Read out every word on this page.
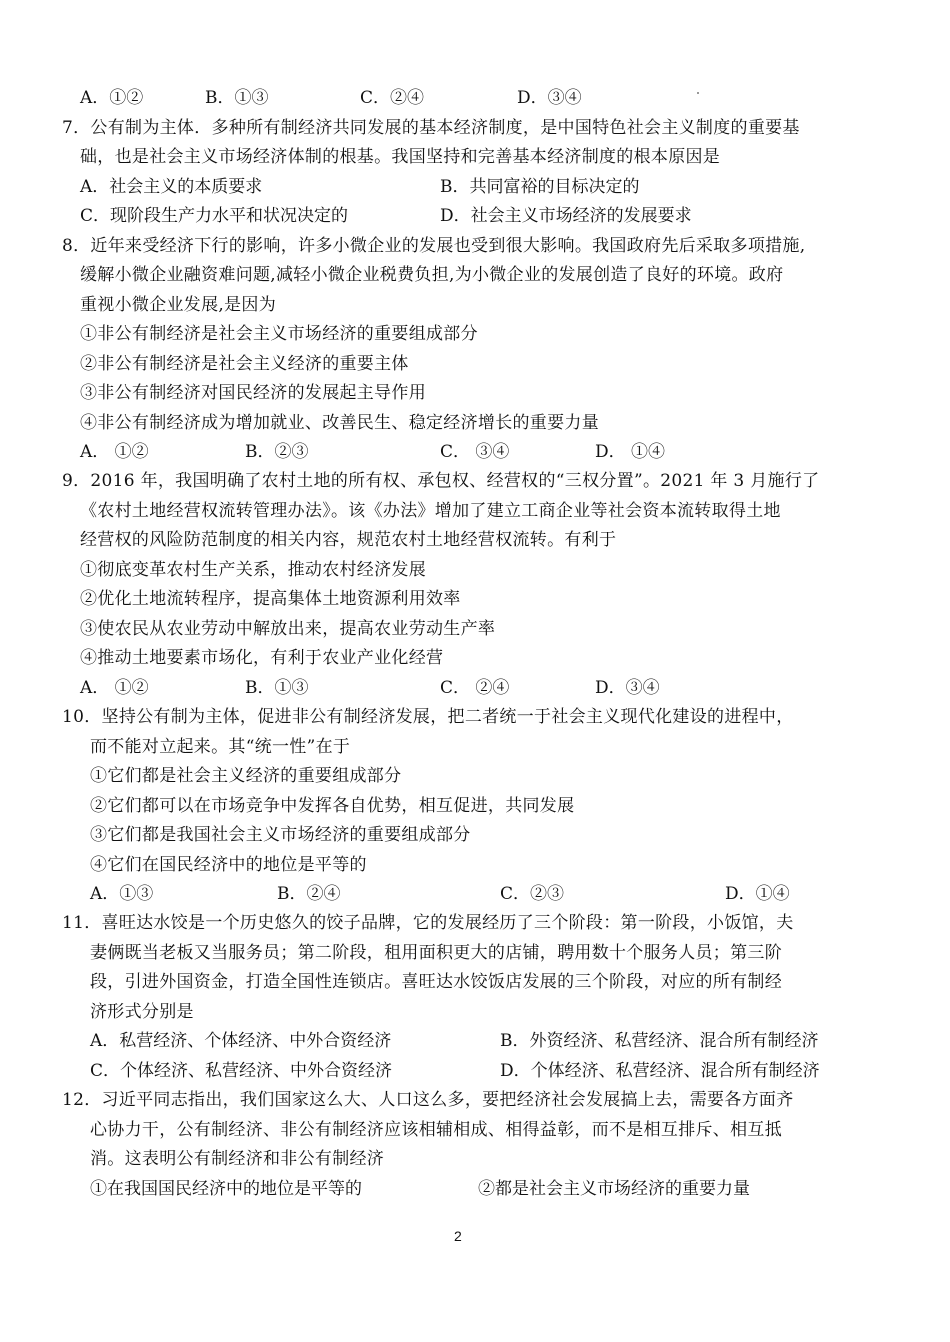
A．①②	B．①③	C．②④	D．③④
7．公有制为主体．多种所有制经济共同发展的基本经济制度，是中国特色社会主义制度的重要基
础，也是社会主义市场经济体制的根基。我国坚持和完善基本经济制度的根本原因是
A．社会主义的本质要求	B．共同富裕的目标决定的
C．现阶段生产力水平和状况决定的	D．社会主义市场经济的发展要求
8．近年来受经济下行的影响，许多小微企业的发展也受到很大影响。我国政府先后采取多项措施,
缓解小微企业融资难问题,减轻小微企业税费负担,为小微企业的发展创造了良好的环境。政府
重视小微企业发展,是因为
①非公有制经济是社会主义市场经济的重要组成部分
②非公有制经济是社会主义经济的重要主体
③非公有制经济对国民经济的发展起主导作用
④非公有制经济成为增加就业、改善民生、稳定经济增长的重要力量
A． ①②	B．②③	C． ③④	D． ①④
9．2016 年，我国明确了农村土地的所有权、承包权、经营权的“三权分置”。2021 年 3 月施行了
《农村土地经营权流转管理办法》。该《办法》增加了建立工商企业等社会资本流转取得土地
经营权的风险防范制度的相关内容，规范农村土地经营权流转。有利于
①彻底变革农村生产关系，推动农村经济发展
②优化土地流转程序，提高集体土地资源利用效率
③使农民从农业劳动中解放出来，提高农业劳动生产率
④推动土地要素市场化，有利于农业产业化经营
A． ①②	B．①③	C． ②④	D．③④
10．坚持公有制为主体，促进非公有制经济发展，把二者统一于社会主义现代化建设的进程中，
而不能对立起来。其“统一性”在于
①它们都是社会主义经济的重要组成部分
②它们都可以在市场竞争中发挥各自优势，相互促进，共同发展
③它们都是我国社会主义市场经济的重要组成部分
④它们在国民经济中的地位是平等的
A．①③	B．②④	C．②③	D．①④
11．喜旺达水饺是一个历史悠久的饺子品牌，它的发展经历了三个阶段：第一阶段，小饭馆，夫
妻俩既当老板又当服务员；第二阶段，租用面积更大的店铺，聘用数十个服务人员；第三阶
段，引进外国资金，打造全国性连锁店。喜旺达水饺饭店发展的三个阶段，对应的所有制经
济形式分别是
A．私营经济、个体经济、中外合资经济	B．外资经济、私营经济、混合所有制经济
C．个体经济、私营经济、中外合资经济	D．个体经济、私营经济、混合所有制经济
12．习近平同志指出，我们国家这么大、人口这么多，要把经济社会发展搞上去，需要各方面齐
心协力干，公有制经济、非公有制经济应该相辅相成、相得益彰，而不是相互排斥、相互抵
消。这表明公有制经济和非公有制经济
①在我国国民经济中的地位是平等的	②都是社会主义市场经济的重要力量
2
